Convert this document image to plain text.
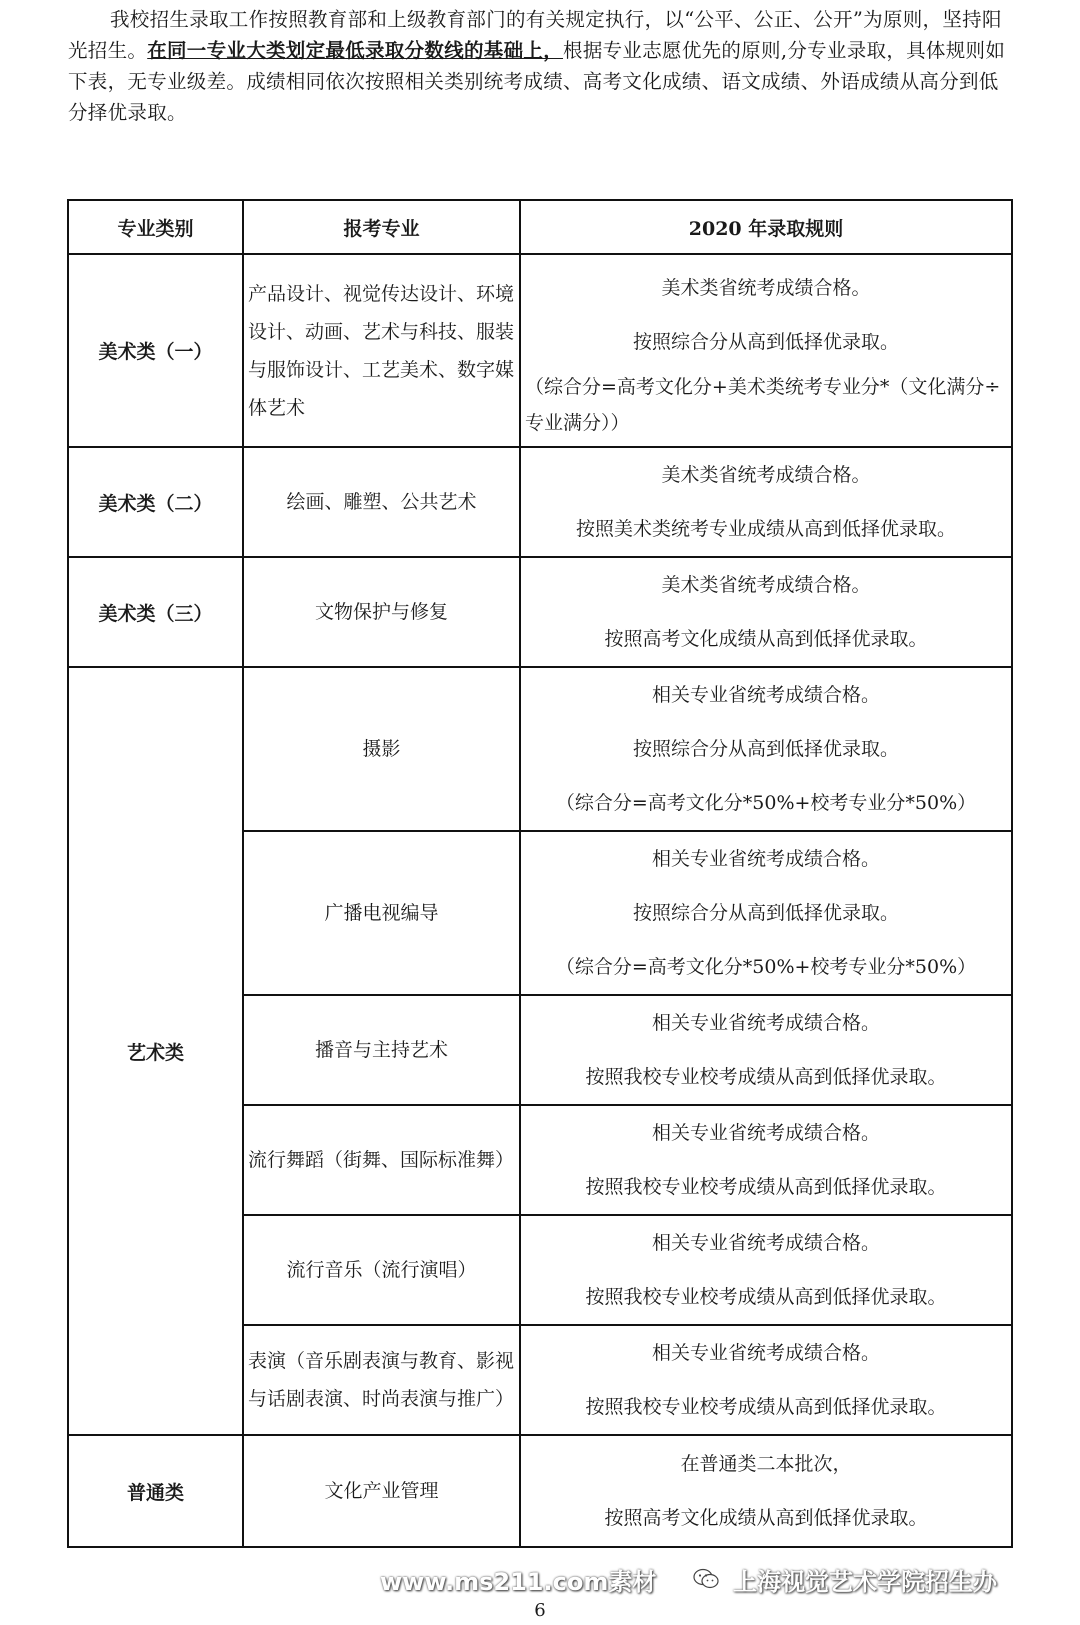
我校招生录取工作按照教育部和上级教育部门的有关规定执行，以“公平、公正、公开”为原则，坚持阳光招生。在同一专业大类划定最低录取分数线的基础上，根据专业志愿优先的原则,分专业录取，具体规则如下表，无专业级差。成绩相同依次按照相关类别统考成绩、高考文化成绩、语文成绩、外语成绩从高分到低分择优录取。
专业类别	报考专业	2020 年录取规则
美术类（一）	产品设计、视觉传达设计、环境设计、动画、艺术与科技、服装与服饰设计、工艺美术、数字媒体艺术	美术类省统考成绩合格。
按照综合分从高到低择优录取。
（综合分=高考文化分+美术类统考专业分*（文化满分÷专业满分））

美术类（二）	绘画、雕塑、公共艺术	美术类省统考成绩合格。
按照美术类统考专业成绩从高到低择优录取。

美术类（三）	文物保护与修复	美术类省统考成绩合格。
按照高考文化成绩从高到低择优录取。

艺术类	摄影	相关专业省统考成绩合格。
按照综合分从高到低择优录取。
（综合分=高考文化分*50%+校考专业分*50%）

	广播电视编导	相关专业省统考成绩合格。
按照综合分从高到低择优录取。
（综合分=高考文化分*50%+校考专业分*50%）

	播音与主持艺术	相关专业省统考成绩合格。
按照我校专业校考成绩从高到低择优录取。

	流行舞蹈（街舞、国际标准舞）	相关专业省统考成绩合格。
按照我校专业校考成绩从高到低择优录取。

	流行音乐（流行演唱）	相关专业省统考成绩合格。
按照我校专业校考成绩从高到低择优录取。

	表演（音乐剧表演与教育、影视与话剧表演、时尚表演与推广）	相关专业省统考成绩合格。
按照我校专业校考成绩从高到低择优录取。

普通类	文化产业管理	在普通类二本批次，
按照高考文化成绩从高到低择优录取。
www.ms211.com素材	上海视觉艺术学院招生办
6
